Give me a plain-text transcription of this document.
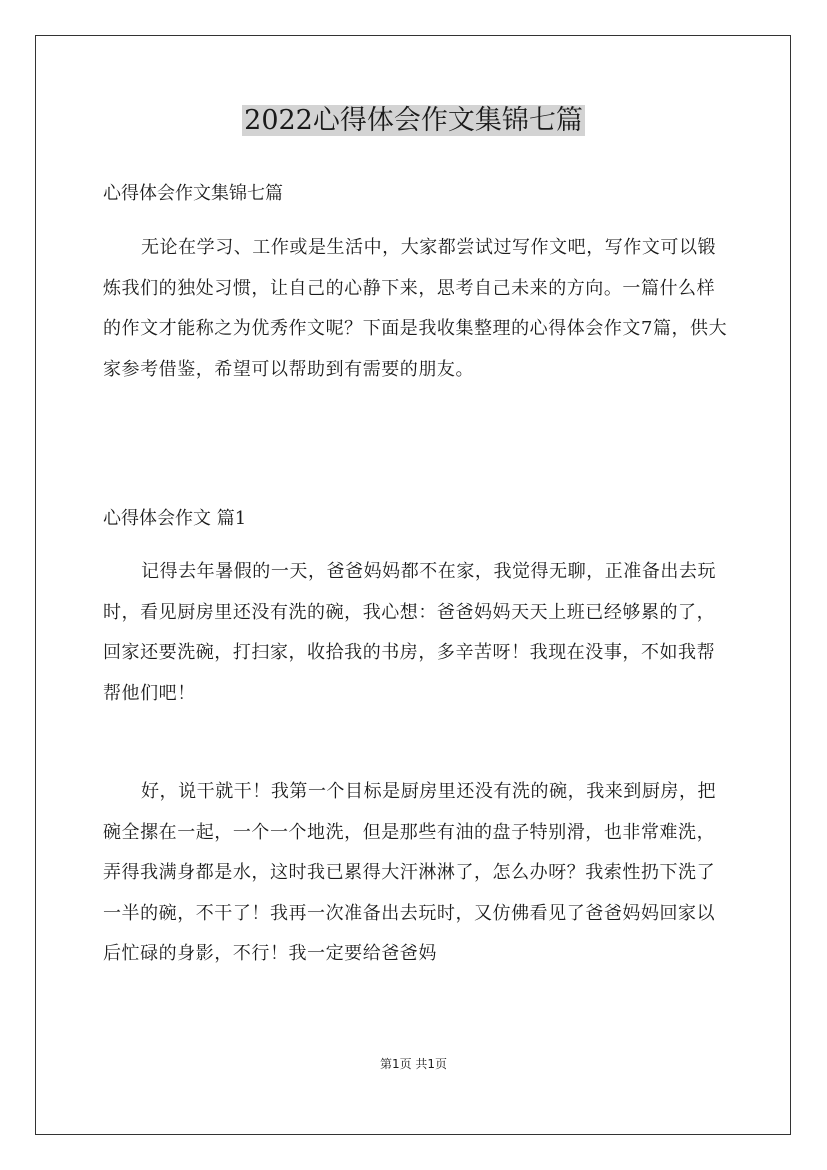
2022心得体会作文集锦七篇

心得体会作文集锦七篇

无论在学习、工作或是生活中，大家都尝试过写作文吧，写作文可以锻炼我们的独处习惯，让自己的心静下来，思考自己未来的方向。一篇什么样的作文才能称之为优秀作文呢？下面是我收集整理的心得体会作文7篇，供大家参考借鉴，希望可以帮助到有需要的朋友。

心得体会作文 篇1

记得去年暑假的一天，爸爸妈妈都不在家，我觉得无聊，正准备出去玩时，看见厨房里还没有洗的碗，我心想：爸爸妈妈天天上班已经够累的了，回家还要洗碗，打扫家，收拾我的书房，多辛苦呀！我现在没事，不如我帮帮他们吧！

好，说干就干！我第一个目标是厨房里还没有洗的碗，我来到厨房，把碗全摞在一起，一个一个地洗，但是那些有油的盘子特别滑，也非常难洗，弄得我满身都是水，这时我已累得大汗淋淋了，怎么办呀？我索性扔下洗了一半的碗，不干了！我再一次准备出去玩时，又仿佛看见了爸爸妈妈回家以后忙碌的身影，不行！我一定要给爸爸妈

第1页 共1页
